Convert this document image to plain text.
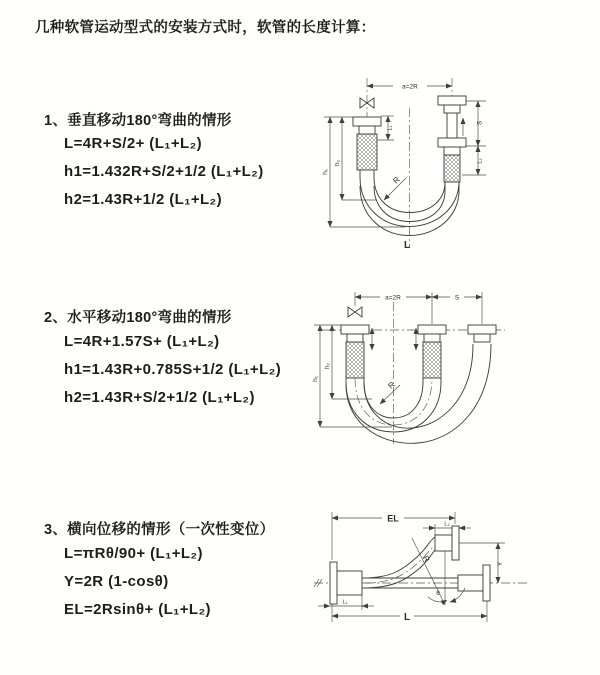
几种软管运动型式的安装方式时，软管的长度计算：
1、垂直移动180°弯曲的情形
L=4R+S/2+ (L₁+L₂)
h1=1.432R+S/2+1/2 (L₁+L₂)
h2=1.43R+1/2 (L₁+L₂)
2、水平移动180°弯曲的情形
L=4R+1.57S+ (L₁+L₂)
h1=1.43R+0.785S+1/2 (L₁+L₂)
h2=1.43R+S/2+1/2 (L₁+L₂)
3、横向位移的情形（一次性变位）
L=πRθ/90+ (L₁+L₂)
Y=2R (1-cosθ)
EL=2Rsinθ+ (L₁+L₂)
a=2R
R
h₁
h₂
L₁
S
L₂
L
a=2R	S
R
h₁
h₂
EL
L₂
R
θ
Y
L₁
L
